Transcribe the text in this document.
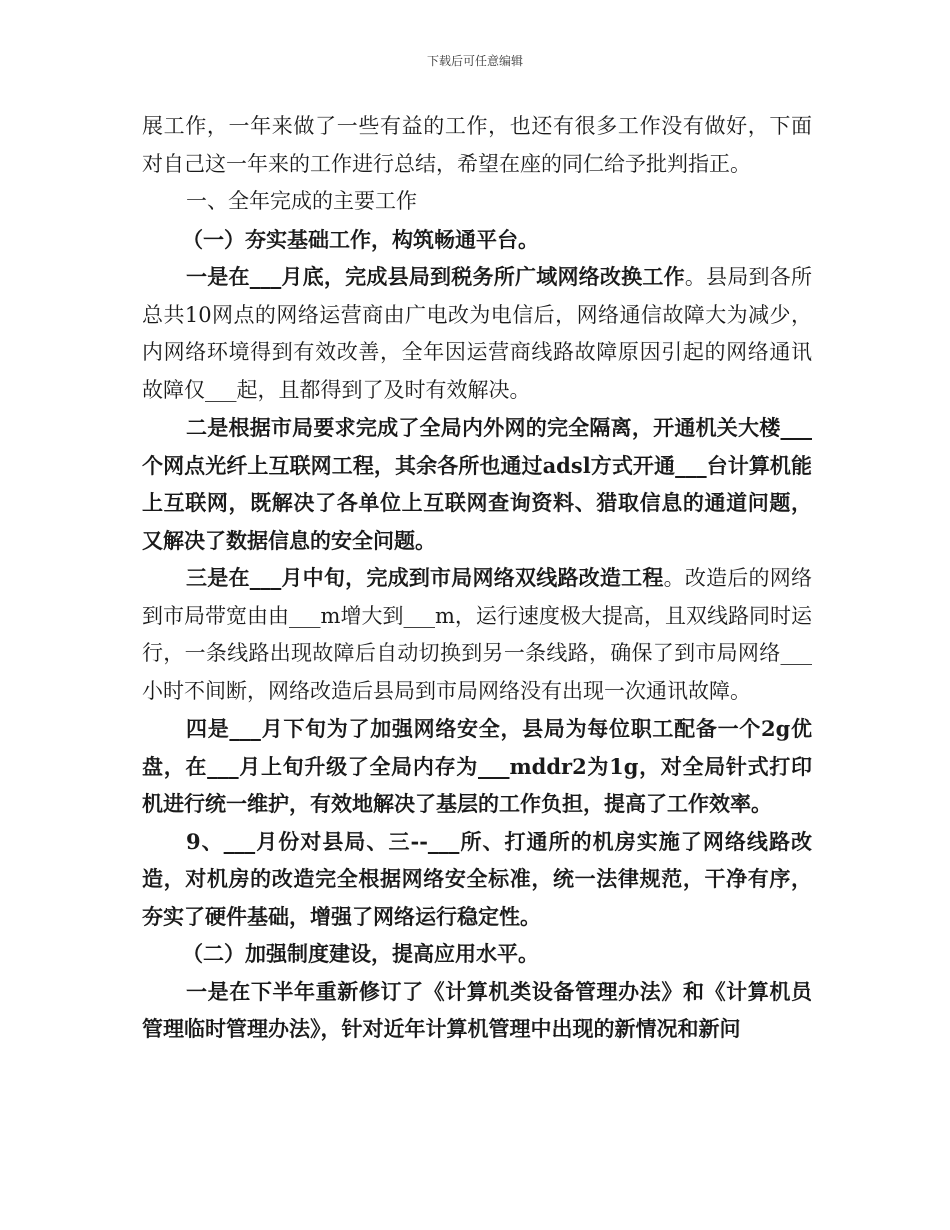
下载后可任意编辑

展工作，一年来做了一些有益的工作，也还有很多工作没有做好，下面对自己这一年来的工作进行总结，希望在座的同仁给予批判指正。

一、全年完成的主要工作

（一）夯实基础工作，构筑畅通平台。

一是在___月底，完成县局到税务所广域网络改换工作。县局到各所总共10网点的网络运营商由广电改为电信后，网络通信故障大为减少，内网络环境得到有效改善，全年因运营商线路故障原因引起的网络通讯故障仅___起，且都得到了及时有效解决。

二是根据市局要求完成了全局内外网的完全隔离，开通机关大楼___个网点光纤上互联网工程，其余各所也通过adsl方式开通___台计算机能上互联网，既解决了各单位上互联网查询资料、猎取信息的通道问题，又解决了数据信息的安全问题。

三是在___月中旬，完成到市局网络双线路改造工程。改造后的网络到市局带宽由由___m增大到___m，运行速度极大提高，且双线路同时运行，一条线路出现故障后自动切换到另一条线路，确保了到市局网络___小时不间断，网络改造后县局到市局网络没有出现一次通讯故障。

四是___月下旬为了加强网络安全，县局为每位职工配备一个2g优盘，在___月上旬升级了全局内存为___mddr2为1g，对全局针式打印机进行统一维护，有效地解决了基层的工作负担，提高了工作效率。

9、___月份对县局、三--___所、打通所的机房实施了网络线路改造，对机房的改造完全根据网络安全标准，统一法律规范，干净有序，夯实了硬件基础，增强了网络运行稳定性。

（二）加强制度建设，提高应用水平。

一是在下半年重新修订了《计算机类设备管理办法》和《计算机员管理临时管理办法》，针对近年计算机管理中出现的新情况和新问
